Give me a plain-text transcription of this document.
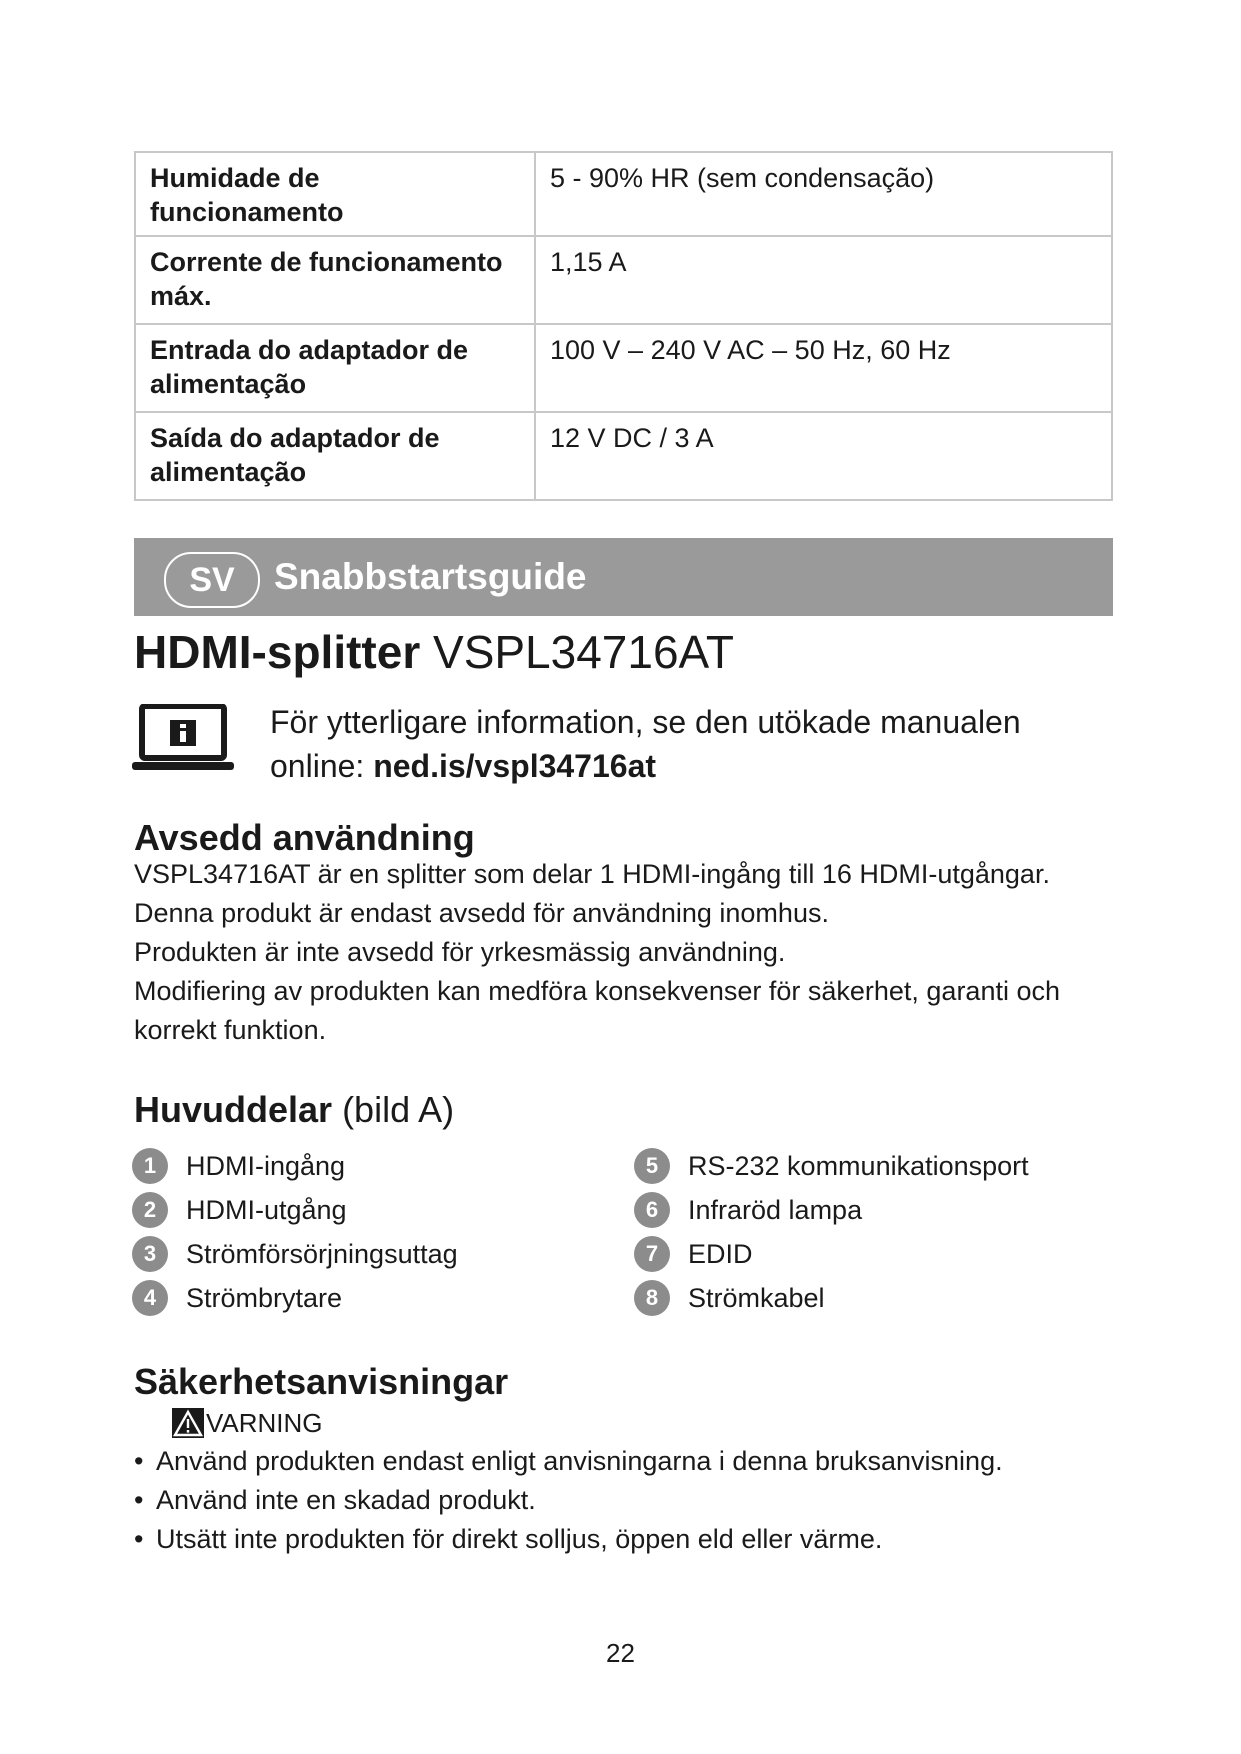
Humidade de funcionamento	5 - 90% HR (sem condensação)
Corrente de funcionamento máx.	1,15 A
Entrada do adaptador de alimentação	100 V – 240 V AC – 50 Hz, 60 Hz
Saída do adaptador de alimentação	12 V DC / 3 A
SV	Snabbstartsguide
HDMI-splitter VSPL34716AT
För ytterligare information, se den utökade manualen online: ned.is/vspl34716at
Avsedd användning

VSPL34716AT är en splitter som delar 1 HDMI-ingång till 16 HDMI-utgångar.

Denna produkt är endast avsedd för användning inomhus.

Produkten är inte avsedd för yrkesmässig användning.

Modifiering av produkten kan medföra konsekvenser för säkerhet, garanti och korrekt funktion.

Huvuddelar (bild A)
1	HDMI-ingång
2	HDMI-utgång
3	Strömförsörjningsuttag
4	Strömbrytare
5	RS-232 kommunikationsport
6	Infraröd lampa
7	EDID
8	Strömkabel
Säkerhetsanvisningar
VARNING
• Använd produkten endast enligt anvisningarna i denna bruksanvisning.
• Använd inte en skadad produkt.
• Utsätt inte produkten för direkt solljus, öppen eld eller värme.
22
